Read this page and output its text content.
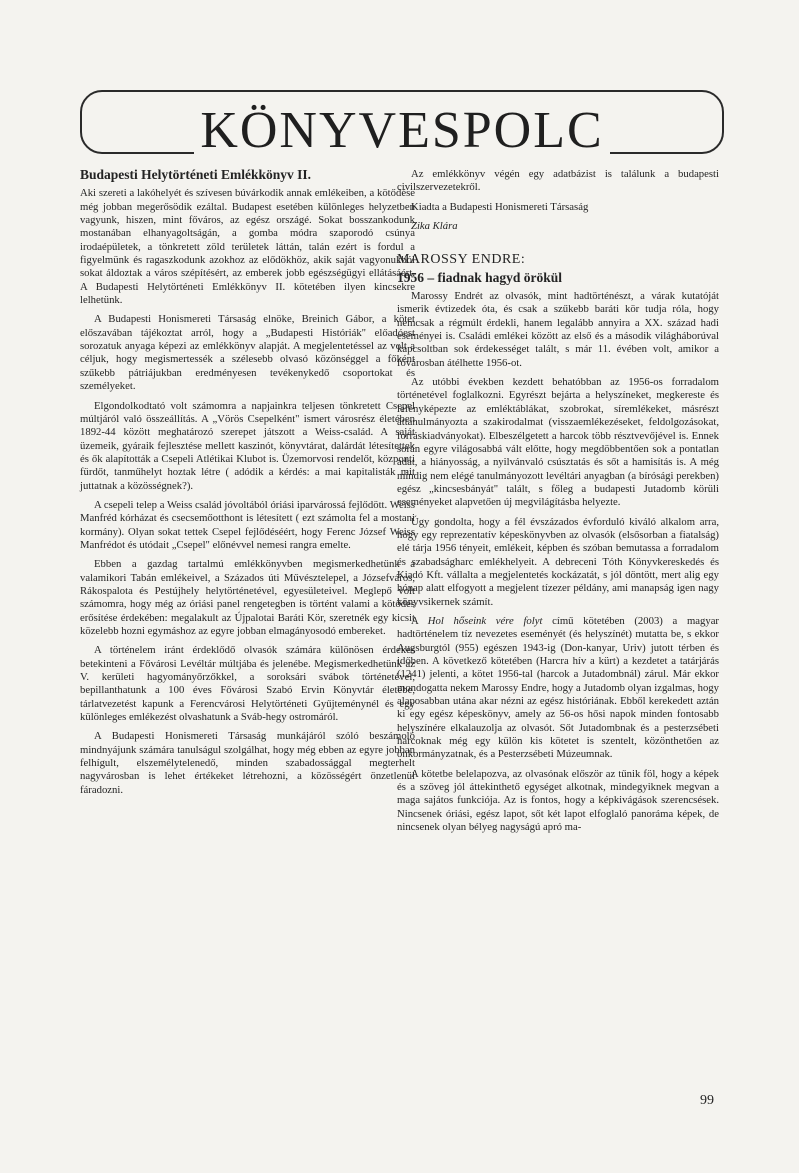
KÖNYVESPOLC
Budapesti Helytörténeti Emlékkönyv II.

Aki szereti a lakóhelyét és szívesen búvárkodik annak emlékeiben, a kötődése még jobban megerősödik ezáltal. Budapest esetében különleges helyzetben vagyunk, hiszen, mint főváros, az egész országé. Sokat bosszankodunk mostanában elhanyagoltságán, a gomba módra szaporodó csúnya irodaépületek, a tönkretett zöld területek láttán, talán ezért is fordul a figyelmünk és ragaszkodunk azokhoz az elődökhöz, akik saját vagyonukból sokat áldoztak a város szépítésért, az emberek jobb egészségügyi ellátásáért. A Budapesti Helytörténeti Emlékkönyv II. kötetében ilyen kincsekre lelhetünk.

A Budapesti Honismereti Társaság elnöke, Breinich Gábor, a kötet előszavában tájékoztat arról, hogy a „Budapesti Históriák" előadóest sorozatuk anyaga képezi az emlékkönyv alapját. A megjelentetéssel az volt a céljuk, hogy megismertessék a szélesebb olvasó közönséggel a főként szűkebb pátriájukban eredményesen tevékenykedő csoportokat és személyeket.

Elgondolkodtató volt számomra a napjainkra teljesen tönkretett Csepel múltjáról való összeállítás. A „Vörös Csepelként" ismert városrész életében 1892-44 között meghatározó szerepet játszott a Weiss-család. A saját üzemeik, gyáraik fejlesztése mellett kaszinót, könyvtárat, dalárdát létesítettek és ők alapították a Csepeli Atlétikai Klubot is. Üzemorvosi rendelőt, központi fürdőt, tanműhelyt hoztak létre ( adódik a kérdés: a mai kapitalisták mit juttatnak a közösségnek?).

A csepeli telep a Weiss család jóvoltából óriási iparvárossá fejlődött. Weiss Manfréd kórházat és csecsemőotthont is létesített ( ezt számolta fel a mostani kormány). Olyan sokat tettek Csepel fejlődéséért, hogy Ferenc József Weiss Manfrédot és utódait „Csepel" előnévvel nemesi rangra emelte.

Ebben a gazdag tartalmú emlékkönyvben megismerkedhetünk a valamikori Tabán emlékeivel, a Százados úti Művésztelepel, a Józsefváros, Rákospalota és Pestújhely helytörténetével, egyesületeivel. Meglepő volt számomra, hogy még az óriási panel rengetegben is történt valami a kötődés erősítése érdekében: megalakult az Újpalotai Baráti Kör, szeretnék egy kicsit közelebb hozni egymáshoz az egyre jobban elmagányosodó embereket.

A történelem iránt érdeklődő olvasók számára különösen érdekes betekinteni a Fővárosi Levéltár múltjába és jelenébe. Megismerkedhetünk az V. kerületi hagyományőrzőkkel, a soroksári svábok történetével, bepillanthatunk a 100 éves Fővárosi Szabó Ervin Könyvtár életébe, tárlatvezetést kapunk a Ferencvárosi Helytörténeti Gyűjteménynél és egy különleges emlékezést olvashatunk a Sváb-hegy ostromáról.

A Budapesti Honismereti Társaság munkájáról szóló beszámoló mindnyájunk számára tanulságul szolgálhat, hogy még ebben az egyre jobban felhígult, elszemélytelenedő, minden szabadossággal megterhelt nagyvárosban is lehet értékeket létrehozni, a közösségért önzetlenül fáradozni.

Az emlékkönyv végén egy adatbázist is találunk a budapesti civilszervezetekről.

Kiadta a Budapesti Honismereti Társaság

Zika Klára

MAROSSY ENDRE:
1956 – fiadnak hagyd örökül

Marossy Endrét az olvasók, mint hadtörténészt, a várak kutatóját ismerik évtizedek óta, és csak a szűkebb baráti kör tudja róla, hogy nemcsak a régmúlt érdekli, hanem legalább annyira a XX. század hadi eseményei is. Családi emlékei között az első és a második világháborúval kapcsoltban sok érdekességet talált, s már 11. évében volt, amikor a fővárosban átélhette 1956-ot.

Az utóbbi években kezdett behatóbban az 1956-os forradalom történetével foglalkozni. Egyrészt bejárta a helyszíneket, megkereste és lefényképezte az emléktáblákat, szobrokat, síremlékeket, másrészt áttanulmányozta a szakirodalmat (visszaemlékezéseket, feldolgozásokat, forráskiadványokat). Elbeszélgetett a harcok több résztvevőjével is. Ennek során egyre világosabbá vált előtte, hogy megdöbbentően sok a pontatlan adat, a hiányosság, a nyilvánvaló csúsztatás és sőt a hamisítás is. A még mindig nem elégé tanulmányozott levéltári anyagban (a bírósági perekben) egész „kincsesbányát" talált, s főleg a budapesti Jutadomb körüli eseményeket alapvetően új megvilágításba helyezte.

Úgy gondolta, hogy a fél évszázados évforduló kiváló alkalom arra, hogy egy reprezentatív képeskönyvben az olvasók (elsősorban a fiatalság) elé tárja 1956 tényeit, emlékeit, képben és szóban bemutassa a forradalom és szabadságharc emlékhelyeit. A debreceni Tóth Könyvkereskedés és Kiadó Kft. vállalta a megjelentetés kockázatát, s jól döntött, mert alig egy hónap alatt elfogyott a megjelent tízezer példány, ami manapság igen nagy könyvsikernek számít.

A Hol hőseink vére folyt című kötetében (2003) a magyar hadtörténelem tíz nevezetes eseményét (és helyszínét) mutatta be, s ekkor Augsburgtól (955) egészen 1943-ig (Don-kanyar, Uriv) jutott térben és időben. A következő kötetében (Harcra hív a kürt) a kezdetet a tatárjárás (1241) jelenti, a kötet 1956-tal (harcok a Jutadombnál) zárul. Már ekkor mondogatta nekem Marossy Endre, hogy a Jutadomb olyan izgalmas, hogy alaposabban utána akar nézni az egész históriának. Ebből kerekedett aztán ki egy egész képeskönyv, amely az 56-os hősi napok minden fontosabb helyszínére elkalauzolja az olvasót. Sőt Jutadombnak és a pesterzsébeti harcoknak még egy külön kis kötetet is szentelt, közönthetően az önkormányzatnak, és a Pesterzsébeti Múzeumnak.

A kötetbe belelapozva, az olvasónak először az tűnik föl, hogy a képek és a szöveg jól áttekinthető egységet alkotnak, mindegyiknek megvan a maga sajátos funkciója. Az is fontos, hogy a képkivágások szerencsések. Nincsenek óriási, egész lapot, sőt két lapot elfoglaló panoráma képek, de nincsenek olyan bélyeg nagyságú apró ma-

99
